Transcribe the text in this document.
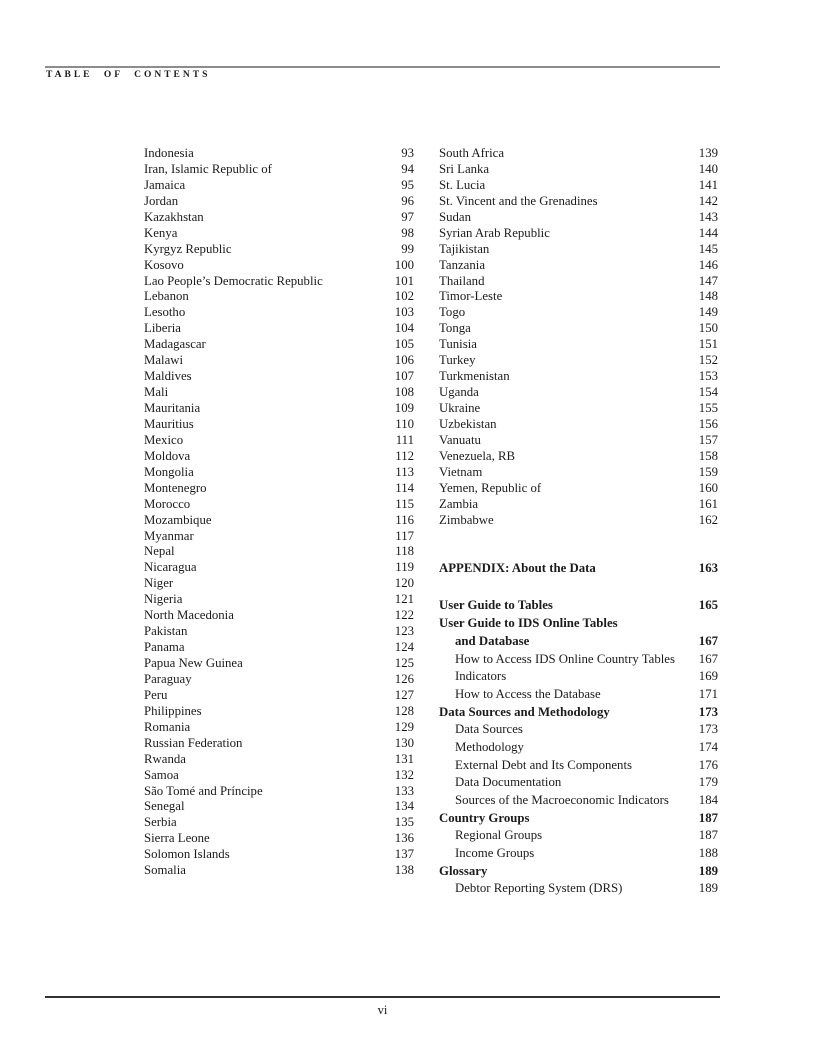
TABLE OF CONTENTS
Indonesia	93
Iran, Islamic Republic of	94
Jamaica	95
Jordan	96
Kazakhstan	97
Kenya	98
Kyrgyz Republic	99
Kosovo	100
Lao People’s Democratic Republic	101
Lebanon	102
Lesotho	103
Liberia	104
Madagascar	105
Malawi	106
Maldives	107
Mali	108
Mauritania	109
Mauritius	110
Mexico	111
Moldova	112
Mongolia	113
Montenegro	114
Morocco	115
Mozambique	116
Myanmar	117
Nepal	118
Nicaragua	119
Niger	120
Nigeria	121
North Macedonia	122
Pakistan	123
Panama	124
Papua New Guinea	125
Paraguay	126
Peru	127
Philippines	128
Romania	129
Russian Federation	130
Rwanda	131
Samoa	132
São Tomé and Príncipe	133
Senegal	134
Serbia	135
Sierra Leone	136
Solomon Islands	137
Somalia	138
South Africa	139
Sri Lanka	140
St. Lucia	141
St. Vincent and the Grenadines	142
Sudan	143
Syrian Arab Republic	144
Tajikistan	145
Tanzania	146
Thailand	147
Timor-Leste	148
Togo	149
Tonga	150
Tunisia	151
Turkey	152
Turkmenistan	153
Uganda	154
Ukraine	155
Uzbekistan	156
Vanuatu	157
Venezuela, RB	158
Vietnam	159
Yemen, Republic of	160
Zambia	161
Zimbabwe	162
APPENDIX: About the Data	163
User Guide to Tables	165
User Guide to IDS Online Tables
and Database	167
How to Access IDS Online Country Tables	167
Indicators	169
How to Access the Database	171
Data Sources and Methodology	173
Data Sources	173
Methodology	174
External Debt and Its Components	176
Data Documentation	179
Sources of the Macroeconomic Indicators	184
Country Groups	187
Regional Groups	187
Income Groups	188
Glossary	189
Debtor Reporting System (DRS)	189
vi
